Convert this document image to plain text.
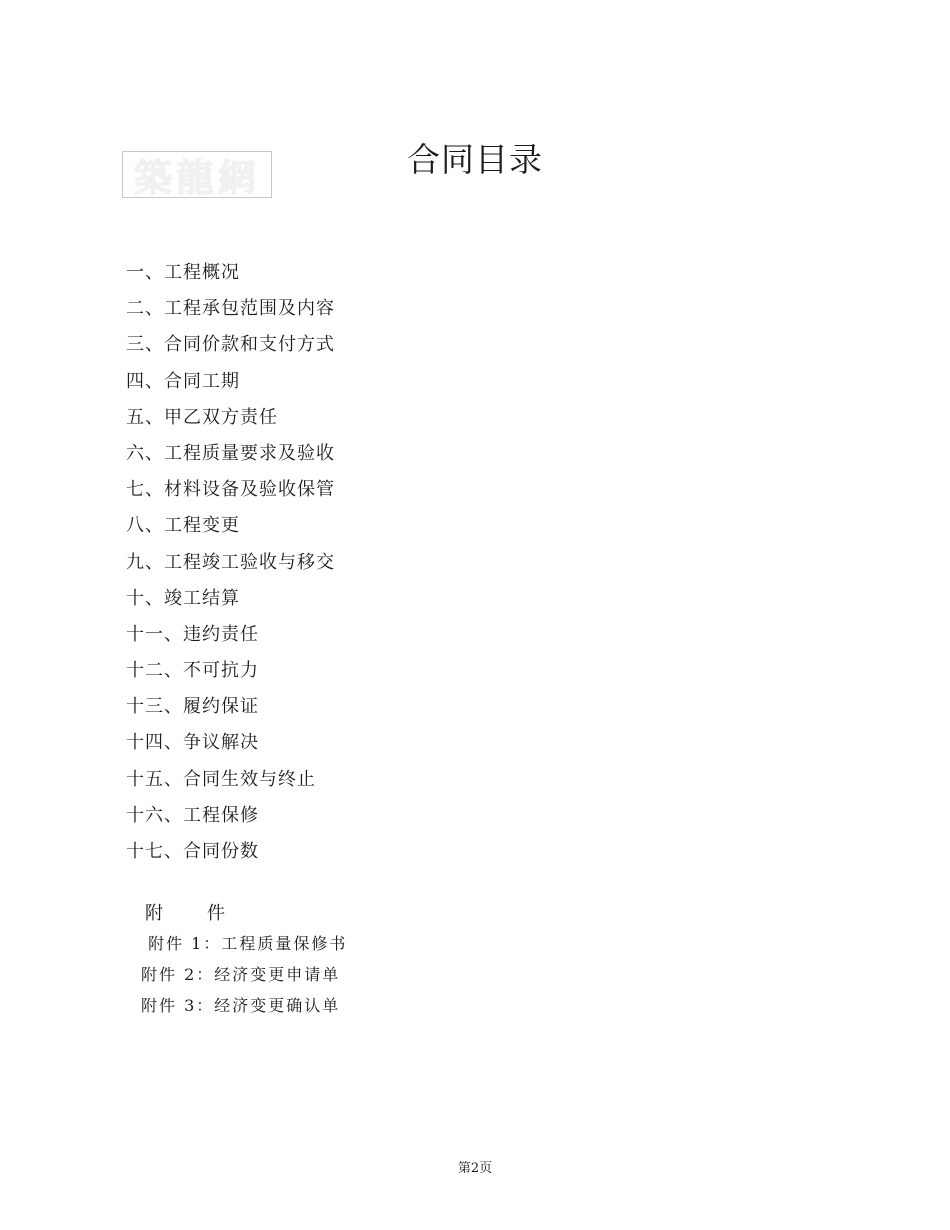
築龍網	合同目录
一、工程概况
二、工程承包范围及内容
三、合同价款和支付方式
四、合同工期
五、甲乙双方责任
六、工程质量要求及验收
七、材料设备及验收保管
八、工程变更
九、工程竣工验收与移交
十、竣工结算
十一、违约责任
十二、不可抗力
十三、履约保证
十四、争议解决
十五、合同生效与终止
十六、工程保修
十七、合同份数
附 件
附件 1：工程质量保修书
附件 2：经济变更申请单
附件 3：经济变更确认单
第2页
